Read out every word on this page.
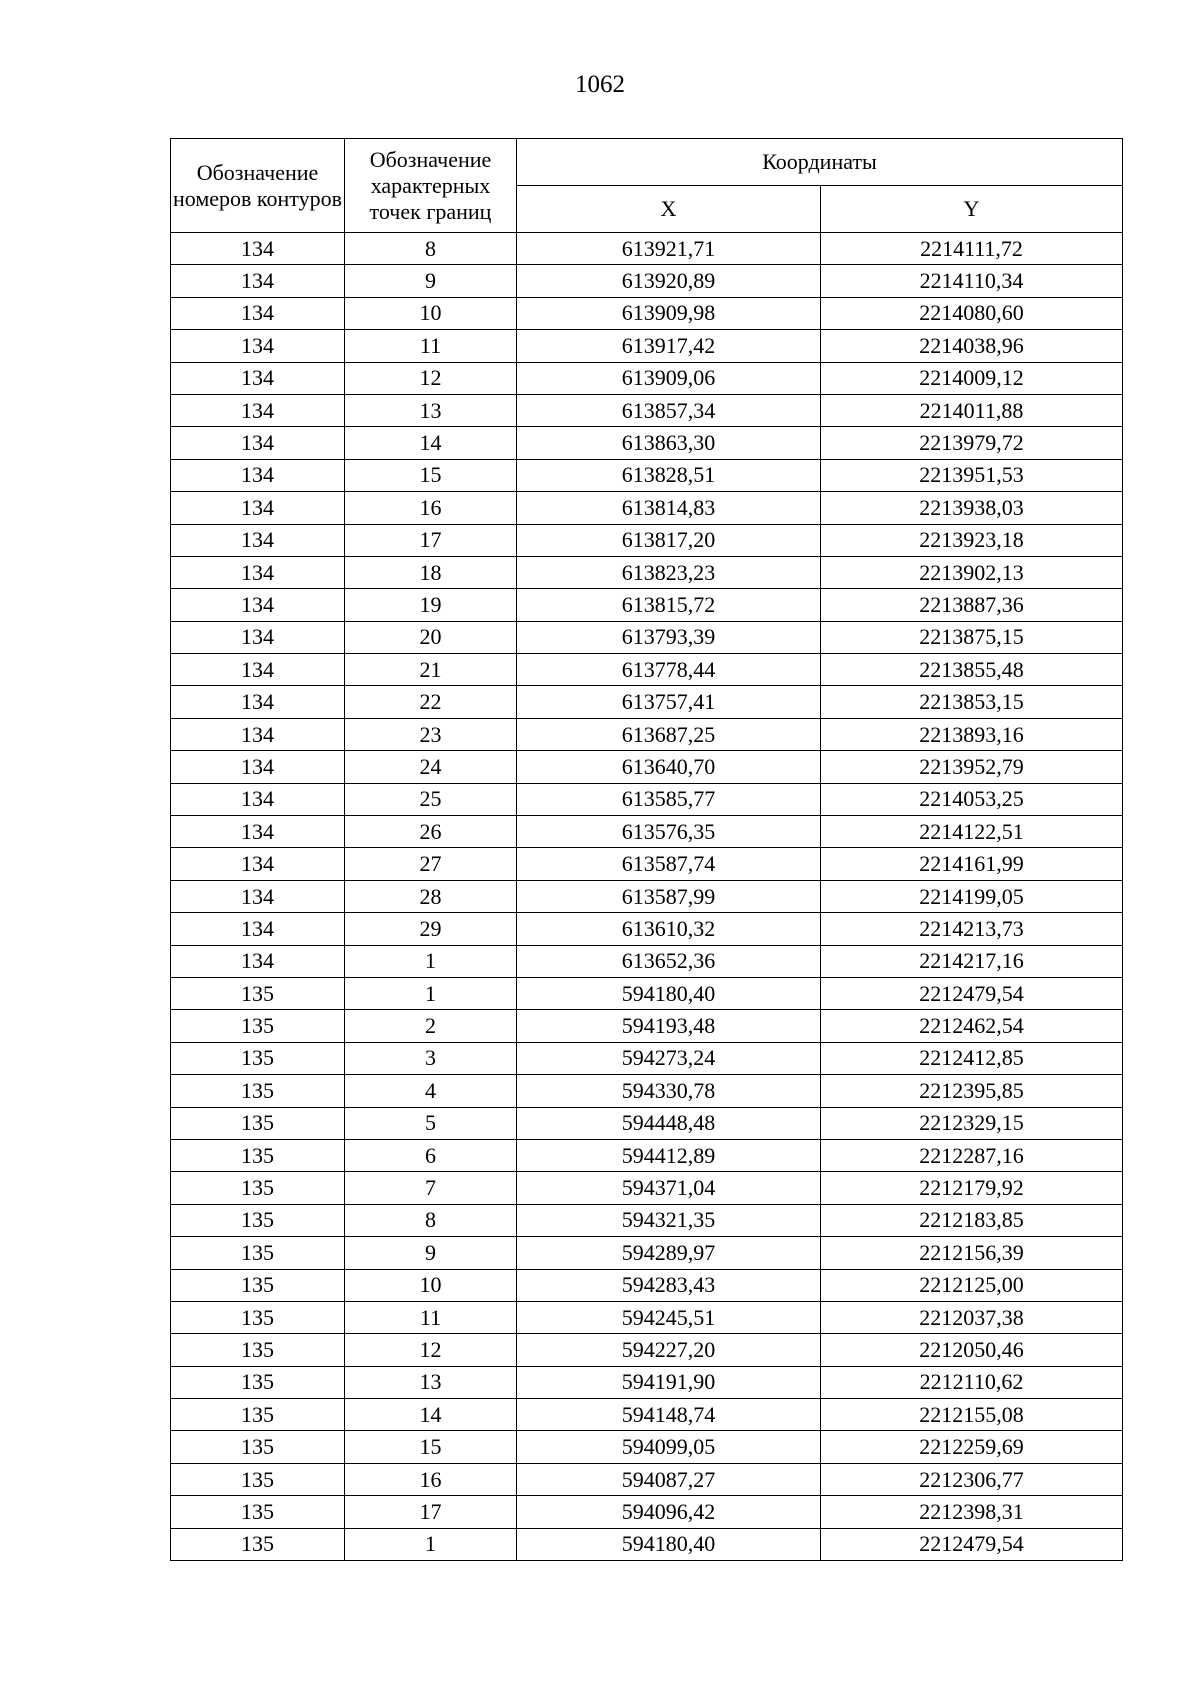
1062
Обозначение номеров контуров	Обозначение характерных точек границ	Координаты	
		X	Y
134	8	613921,71	2214111,72
134	9	613920,89	2214110,34
134	10	613909,98	2214080,60
134	11	613917,42	2214038,96
134	12	613909,06	2214009,12
134	13	613857,34	2214011,88
134	14	613863,30	2213979,72
134	15	613828,51	2213951,53
134	16	613814,83	2213938,03
134	17	613817,20	2213923,18
134	18	613823,23	2213902,13
134	19	613815,72	2213887,36
134	20	613793,39	2213875,15
134	21	613778,44	2213855,48
134	22	613757,41	2213853,15
134	23	613687,25	2213893,16
134	24	613640,70	2213952,79
134	25	613585,77	2214053,25
134	26	613576,35	2214122,51
134	27	613587,74	2214161,99
134	28	613587,99	2214199,05
134	29	613610,32	2214213,73
134	1	613652,36	2214217,16
135	1	594180,40	2212479,54
135	2	594193,48	2212462,54
135	3	594273,24	2212412,85
135	4	594330,78	2212395,85
135	5	594448,48	2212329,15
135	6	594412,89	2212287,16
135	7	594371,04	2212179,92
135	8	594321,35	2212183,85
135	9	594289,97	2212156,39
135	10	594283,43	2212125,00
135	11	594245,51	2212037,38
135	12	594227,20	2212050,46
135	13	594191,90	2212110,62
135	14	594148,74	2212155,08
135	15	594099,05	2212259,69
135	16	594087,27	2212306,77
135	17	594096,42	2212398,31
135	1	594180,40	2212479,54
